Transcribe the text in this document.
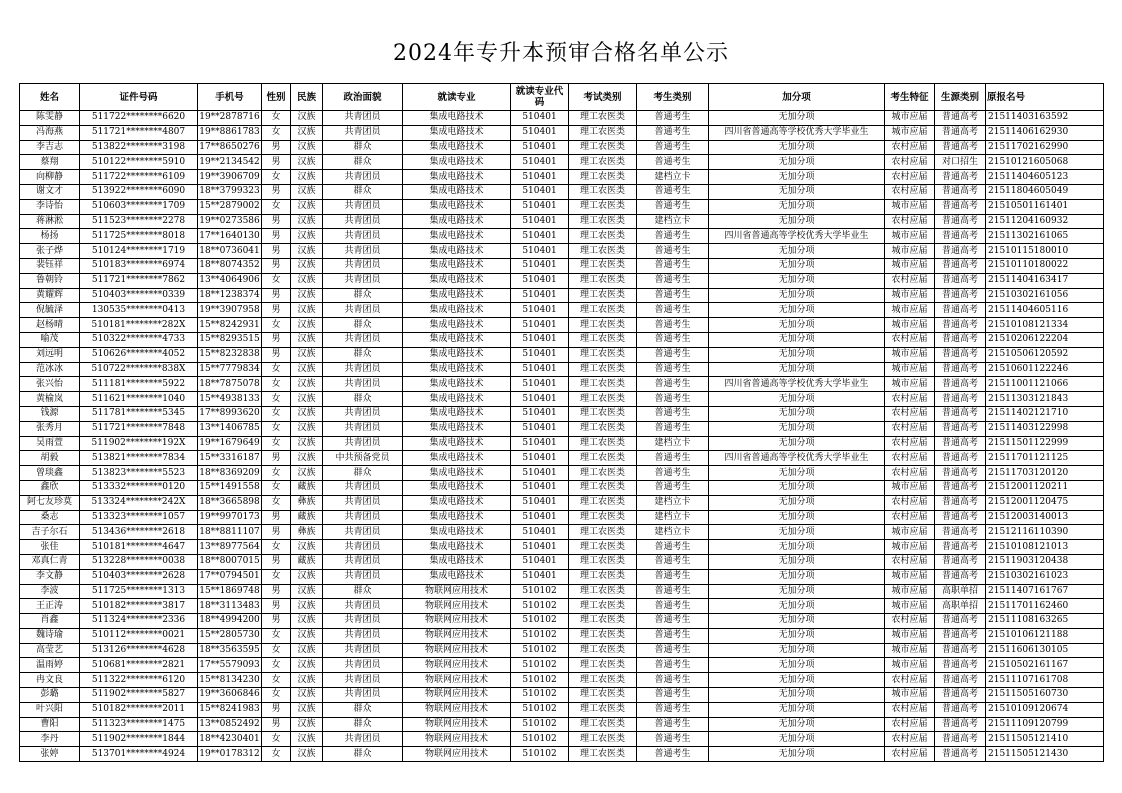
2024年专升本预审合格名单公示
姓名	证件号码	手机号	性别	民族	政治面貌	就读专业	就读专业代码	考试类别	考生类别	加分项	考生特征	生源类别	原报名号
陈雯静	511722********6620	19**2878716	女	汉族	共青团员	集成电路技术	510401	理工农医类	普通考生	无加分项	城市应届	普通高考	21511403163592
冯海燕	511721********4807	19**8861783	女	汉族	共青团员	集成电路技术	510401	理工农医类	普通考生	四川省普通高等学校优秀大学毕业生	城市应届	普通高考	21511406162930
李吉志	513822********3198	17**8650276	男	汉族	群众	集成电路技术	510401	理工农医类	普通考生	无加分项	农村应届	普通高考	21511702162990
蔡翔	510122********5910	19**2134542	男	汉族	群众	集成电路技术	510401	理工农医类	普通考生	无加分项	农村应届	对口招生	21510121605068
向柳静	511722********6109	19**3906709	女	汉族	共青团员	集成电路技术	510401	理工农医类	建档立卡	无加分项	农村应届	普通高考	21511404605123
谢文才	513922********6090	18**3799323	男	汉族	群众	集成电路技术	510401	理工农医类	普通考生	无加分项	农村应届	普通高考	21511804605049
李诗怡	510603********1709	15**2879002	女	汉族	共青团员	集成电路技术	510401	理工农医类	普通考生	无加分项	城市应届	普通高考	21510501161401
蒋淋淞	511523********2278	19**0273586	男	汉族	共青团员	集成电路技术	510401	理工农医类	建档立卡	无加分项	农村应届	普通高考	21511204160932
杨扬	511725********8018	17**1640130	男	汉族	共青团员	集成电路技术	510401	理工农医类	普通考生	四川省普通高等学校优秀大学毕业生	城市应届	普通高考	21511302161065
张子烨	510124********1719	18**0736041	男	汉族	共青团员	集成电路技术	510401	理工农医类	普通考生	无加分项	城市应届	普通高考	21510115180010
裴钰祥	510183********6974	18**8074352	男	汉族	共青团员	集成电路技术	510401	理工农医类	普通考生	无加分项	城市应届	普通高考	21510110180022
鲁朝铃	511721********7862	13**4064906	女	汉族	共青团员	集成电路技术	510401	理工农医类	普通考生	无加分项	农村应届	普通高考	21511404163417
黄耀辉	510403********0339	18**1238374	男	汉族	群众	集成电路技术	510401	理工农医类	普通考生	无加分项	城市应届	普通高考	21510302161056
倪毓泽	130535********0413	19**3907958	男	汉族	共青团员	集成电路技术	510401	理工农医类	普通考生	无加分项	城市应届	普通高考	21511404605116
赵杨晴	510181********282X	15**8242931	女	汉族	群众	集成电路技术	510401	理工农医类	普通考生	无加分项	城市应届	普通高考	21510108121334
喻茂	510322********4733	15**8293515	男	汉族	共青团员	集成电路技术	510401	理工农医类	普通考生	无加分项	农村应届	普通高考	21510206122204
刘远明	510626********4052	15**8232838	男	汉族	群众	集成电路技术	510401	理工农医类	普通考生	无加分项	城市应届	普通高考	21510506120592
范冰冰	510722********838X	15**7779834	女	汉族	共青团员	集成电路技术	510401	理工农医类	普通考生	无加分项	城市应届	普通高考	21510601122246
张兴怡	511181********5922	18**7875078	女	汉族	共青团员	集成电路技术	510401	理工农医类	普通考生	四川省普通高等学校优秀大学毕业生	城市应届	普通高考	21511001121066
黄榆岚	511621********1040	15**4938133	女	汉族	群众	集成电路技术	510401	理工农医类	普通考生	无加分项	农村应届	普通高考	21511303121843
钱源	511781********5345	17**8993620	女	汉族	共青团员	集成电路技术	510401	理工农医类	普通考生	无加分项	农村应届	普通高考	21511402121710
张秀月	511721********7848	13**1406785	女	汉族	共青团员	集成电路技术	510401	理工农医类	普通考生	无加分项	农村应届	普通高考	21511403122998
吴雨萱	511902********192X	19**1679649	女	汉族	共青团员	集成电路技术	510401	理工农医类	建档立卡	无加分项	农村应届	普通高考	21511501122999
胡毅	513821********7834	15**3316187	男	汉族	中共预备党员	集成电路技术	510401	理工农医类	普通考生	四川省普通高等学校优秀大学毕业生	农村应届	普通高考	21511701121125
曾琰鑫	513823********5523	18**8369209	女	汉族	群众	集成电路技术	510401	理工农医类	普通考生	无加分项	农村应届	普通高考	21511703120120
鑫欣	513332********0120	15**1491558	女	藏族	共青团员	集成电路技术	510401	理工农医类	普通考生	无加分项	城市应届	普通高考	21512001120211
阿七友珍莫	513324********242X	18**3665898	女	彝族	共青团员	集成电路技术	510401	理工农医类	建档立卡	无加分项	农村应届	普通高考	21512001120475
桑志	513323********1057	19**9970173	男	藏族	共青团员	集成电路技术	510401	理工农医类	建档立卡	无加分项	农村应届	普通高考	21512003140013
吉子尔石	513436********2618	18**8811107	男	彝族	共青团员	集成电路技术	510401	理工农医类	建档立卡	无加分项	城市应届	普通高考	21512116110390
张佳	510181********4647	13**8977564	女	汉族	共青团员	集成电路技术	510401	理工农医类	普通考生	无加分项	城市应届	普通高考	21510108121013
邓真仁青	513228********0038	18**8007015	男	藏族	共青团员	集成电路技术	510401	理工农医类	普通考生	无加分项	农村应届	普通高考	21511903120438
李文静	510403********2628	17**0794501	女	汉族	共青团员	集成电路技术	510401	理工农医类	普通考生	无加分项	城市应届	普通高考	21510302161023
李波	511725********1313	15**1869748	男	汉族	群众	物联网应用技术	510102	理工农医类	普通考生	无加分项	城市应届	高职单招	21511407161767
王正涛	510182********3817	18**3113483	男	汉族	共青团员	物联网应用技术	510102	理工农医类	普通考生	无加分项	城市应届	高职单招	21511701162460
肖鑫	511324********2336	18**4994200	男	汉族	共青团员	物联网应用技术	510102	理工农医类	普通考生	无加分项	农村应届	普通高考	21511108163265
魏诗瑜	510112********0021	15**2805730	女	汉族	共青团员	物联网应用技术	510102	理工农医类	普通考生	无加分项	城市应届	普通高考	21510106121188
高莹艺	513126********4628	18**3563595	女	汉族	共青团员	物联网应用技术	510102	理工农医类	普通考生	无加分项	城市应届	普通高考	21511606130105
温雨婷	510681********2821	17**5579093	女	汉族	共青团员	物联网应用技术	510102	理工农医类	普通考生	无加分项	城市应届	普通高考	21510502161167
冉文良	511322********6120	15**8134230	女	汉族	共青团员	物联网应用技术	510102	理工农医类	普通考生	无加分项	农村应届	普通高考	21511107161708
彭璐	511902********5827	19**3606846	女	汉族	共青团员	物联网应用技术	510102	理工农医类	普通考生	无加分项	城市应届	普通高考	21511505160730
叶兴阳	510182********2011	15**8241983	男	汉族	群众	物联网应用技术	510102	理工农医类	普通考生	无加分项	农村应届	普通高考	21510109120674
曹阳	511323********1475	13**0852492	男	汉族	群众	物联网应用技术	510102	理工农医类	普通考生	无加分项	农村应届	普通高考	21511109120799
李丹	511902********1844	18**4230401	女	汉族	共青团员	物联网应用技术	510102	理工农医类	普通考生	无加分项	农村应届	普通高考	21511505121410
张婷	513701********4924	19**0178312	女	汉族	群众	物联网应用技术	510102	理工农医类	普通考生	无加分项	农村应届	普通高考	21511505121430
